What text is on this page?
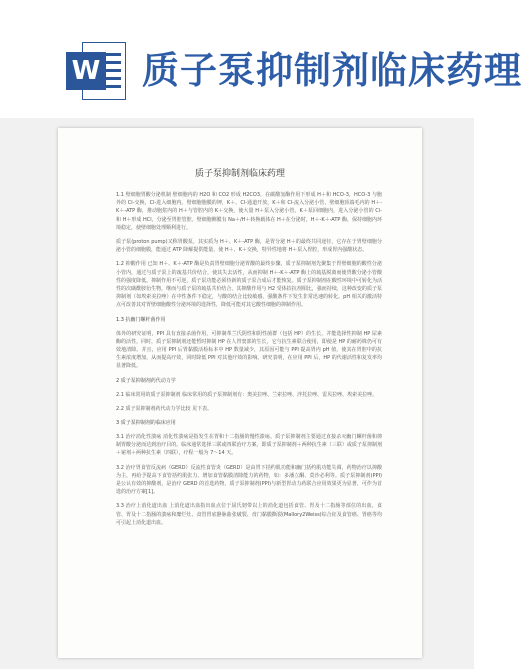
W 质子泵抑制剂临床药理
质子泵抑制剂临床药理
1.1 壁细胞胃酸分泌机制 壁细胞内的 H2O 和 CO2 形成 H2CO3，在碳酸氢酶作用下形成 H＋和 HCO-3，HCO-3 与胞外的 Cl-交换，Cl-进入细胞内。壁细胞胞膜的钾，K＋、Cl-通道开放，K＋和 Cl-流入分泌小管，壁细胞顶端毛内的 H＋-K＋-ATP 酶，推动胞浆内的 H＋与管腔内的 K＋交换，使大量 H＋泵入分泌小管，K＋泵回细胞内，进入分泌小管的 Cl-和 H＋形成 HCl，分泌至胃腔管腔。壁细胞侧膜有 Na＋/H＋转换载体在 H＋在分泌时，H＋-K＋-ATP 酶，保持细胞内环境稳定，使壁细胞处理顺利进行。
质子泵(proton pump)又称胃酸泵，其实质为 H＋、K＋-ATP 酶，是胃分泌 H＋的最终共同途径，它存在于胃壁细胞分泌小管的细胞膜，能通过 ATP 降解提供能量，使 H＋、K＋交换，特异性地将 H＋泵入胃腔，形成胃内强酸状态。
1.2 抑酸作用 已知 H＋、K＋-ATP 酶是负责胃壁细胞分泌胃酸的最终步骤，质子泵抑制剂先聚集于胃壁细胞的酸性分泌小管内，通过与质子泵上的巯基共价结合，使其失去活性，从而抑制 H＋-K＋-ATP 酶上的巯基脱离而使胃酸分泌小管酸性的强度降低。抑制作用不可逆，质子泵功能必须待新的质子泵合成后才能恢复。质子泵抑制剂在酸性环境中可转化为活性的次磺酰胺衍生物，继而与质子泵的巯基共价结合，其抑酸作用与 H2 受体拮抗剂相比，强而持续，这种改变的质子泵抑制剂（如埃索美拉唑）在中性条件下稳定，与酸的结合比较敏感，强酸条件下发生非常迅速的转化。pH 相关的激活特点可改善其对胃壁细胞酸性分泌环境的选择性，降低可能对其它酸性细胞的抑制作用。
1.3 抗幽门螺杆菌作用
体外的研究证明，PPI 具有直接杀菌作用，可抑制革兰氏阴性和阴性菌群（包括 HP）的生长，并能选择性抑制 HP 尿素酶的活性，同时，质子泵抑制剂还能暂时抑制 HP 在人胃窦部的生长，它与抗生素联合使用，即使是 HP 的耐药株仍可有效地清除。并且，应用 PPI 后胃黏膜活检标本中 HP 数量减少，其原因可能与 PPI 提高胃内 pH 值，使其在胃腔中的抗生素浓度增加，从而提高疗效，同时降低 PPI 对其他疗效的影响。研究表明，在应用 PPI 后，HP 的代谢活性和复发率均显著降低。
2 质子泵抑制剂药代动力学
2.1 临床常用的质子泵抑制剂 临床常用的质子泵抑制剂有：奥美拉唑、兰索拉唑、泮托拉唑、雷贝拉唑、埃索美拉唑。
2.2 质子泵抑制剂药代动力学比较 见下表。
3 质子泵抑制剂的临床应用
3.1 治疗消化性溃疡 消化性溃疡是指发生在胃和十二指肠的慢性溃疡。质子泵抑制剂主要通过直接杀灭幽门螺杆菌和抑制胃酸分泌而达到治疗目的。临床通常选择三联或四联治疗方案，即质子泵抑制剂＋两种抗生素（三联）或质子泵抑制剂＋铋剂＋两种抗生素（四联），疗程一般为 7～14 天。
3.2 治疗胃食管反流病（GERD）反流性食管炎（GERD）是由胃下括约肌功能和幽门括约肌功能失调，药物治疗以抑酸为主，再给予提高下食管括约肌张力、增加食管黏膜清除能力的药物，如：多潘立酮、莫沙必利等。质子泵抑制剂(PPI)是公认有效的抑酸剂，是治疗 GERD 的首选药物，质子泵抑制剂(PPI)与新型胃动力药联合应用效果更为显著，可作为首选的治疗方案[1]。
3.3 治疗上消化道出血 上消化道出血指出血点位于屈氏韧带以上的消化道包括食管、胃及十二指肠等部位的出血，食管、胃及十二指肠的溃疡和糜烂灶、食管胃底静脉曲张破裂、贲门黏膜撕裂(Mallory2Weiss)综合征及食管癌、胃癌等均可引起上消化道出血。
